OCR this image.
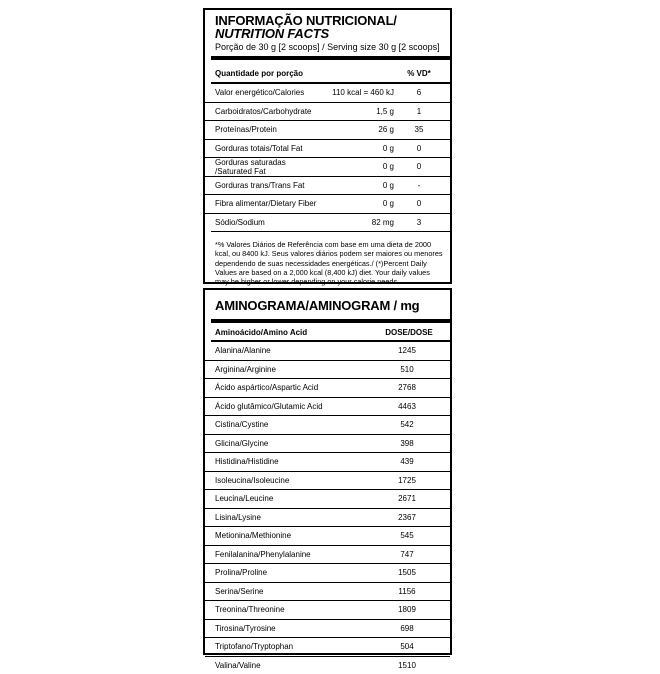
INFORMAÇÃO NUTRICIONAL/
NUTRITION FACTS
Porção de 30 g [2 scoops] / Serving size 30 g [2 scoops]
Quantidade por porção	% VD*
Valor energético/Calories	110 kcal = 460 kJ	6
Carboidratos/Carbohydrate	1,5 g	1
Proteínas/Protein	26 g	35
Gorduras totais/Total Fat	0 g	0
Gorduras saturadas /Saturated Fat	0 g	0
Gorduras trans/Trans Fat	0 g	-
Fibra alimentar/Dietary Fiber	0 g	0
Sódio/Sodium	82 mg	3
*% Valores Diários de Referência com base em uma dieta de 2000 kcal, ou 8400 kJ. Seus valores diários podem ser maiores ou menores dependendo de suas necessidades energéticas./ (*)Percent Daily Values are based on a 2,000 kcal (8,400 kJ) diet. Your daily values may be higher or lower depending on your calorie needs.
AMINOGRAMA/AMINOGRAM / mg
Aminoácido/Amino Acid	DOSE/DOSE
Alanina/Alanine	1245
Arginina/Arginine	510
Ácido aspártico/Aspartic Acid	2768
Ácido glutâmico/Glutamic Acid	4463
Cistina/Cystine	542
Glicina/Glycine	398
Histidina/Histidine	439
Isoleucina/Isoleucine	1725
Leucina/Leucine	2671
Lisina/Lysine	2367
Metionina/Methionine	545
Fenilalanina/Phenylalanine	747
Prolina/Proline	1505
Serina/Serine	1156
Treonina/Threonine	1809
Tirosina/Tyrosine	698
Triptofano/Tryptophan	504
Valina/Valine	1510
